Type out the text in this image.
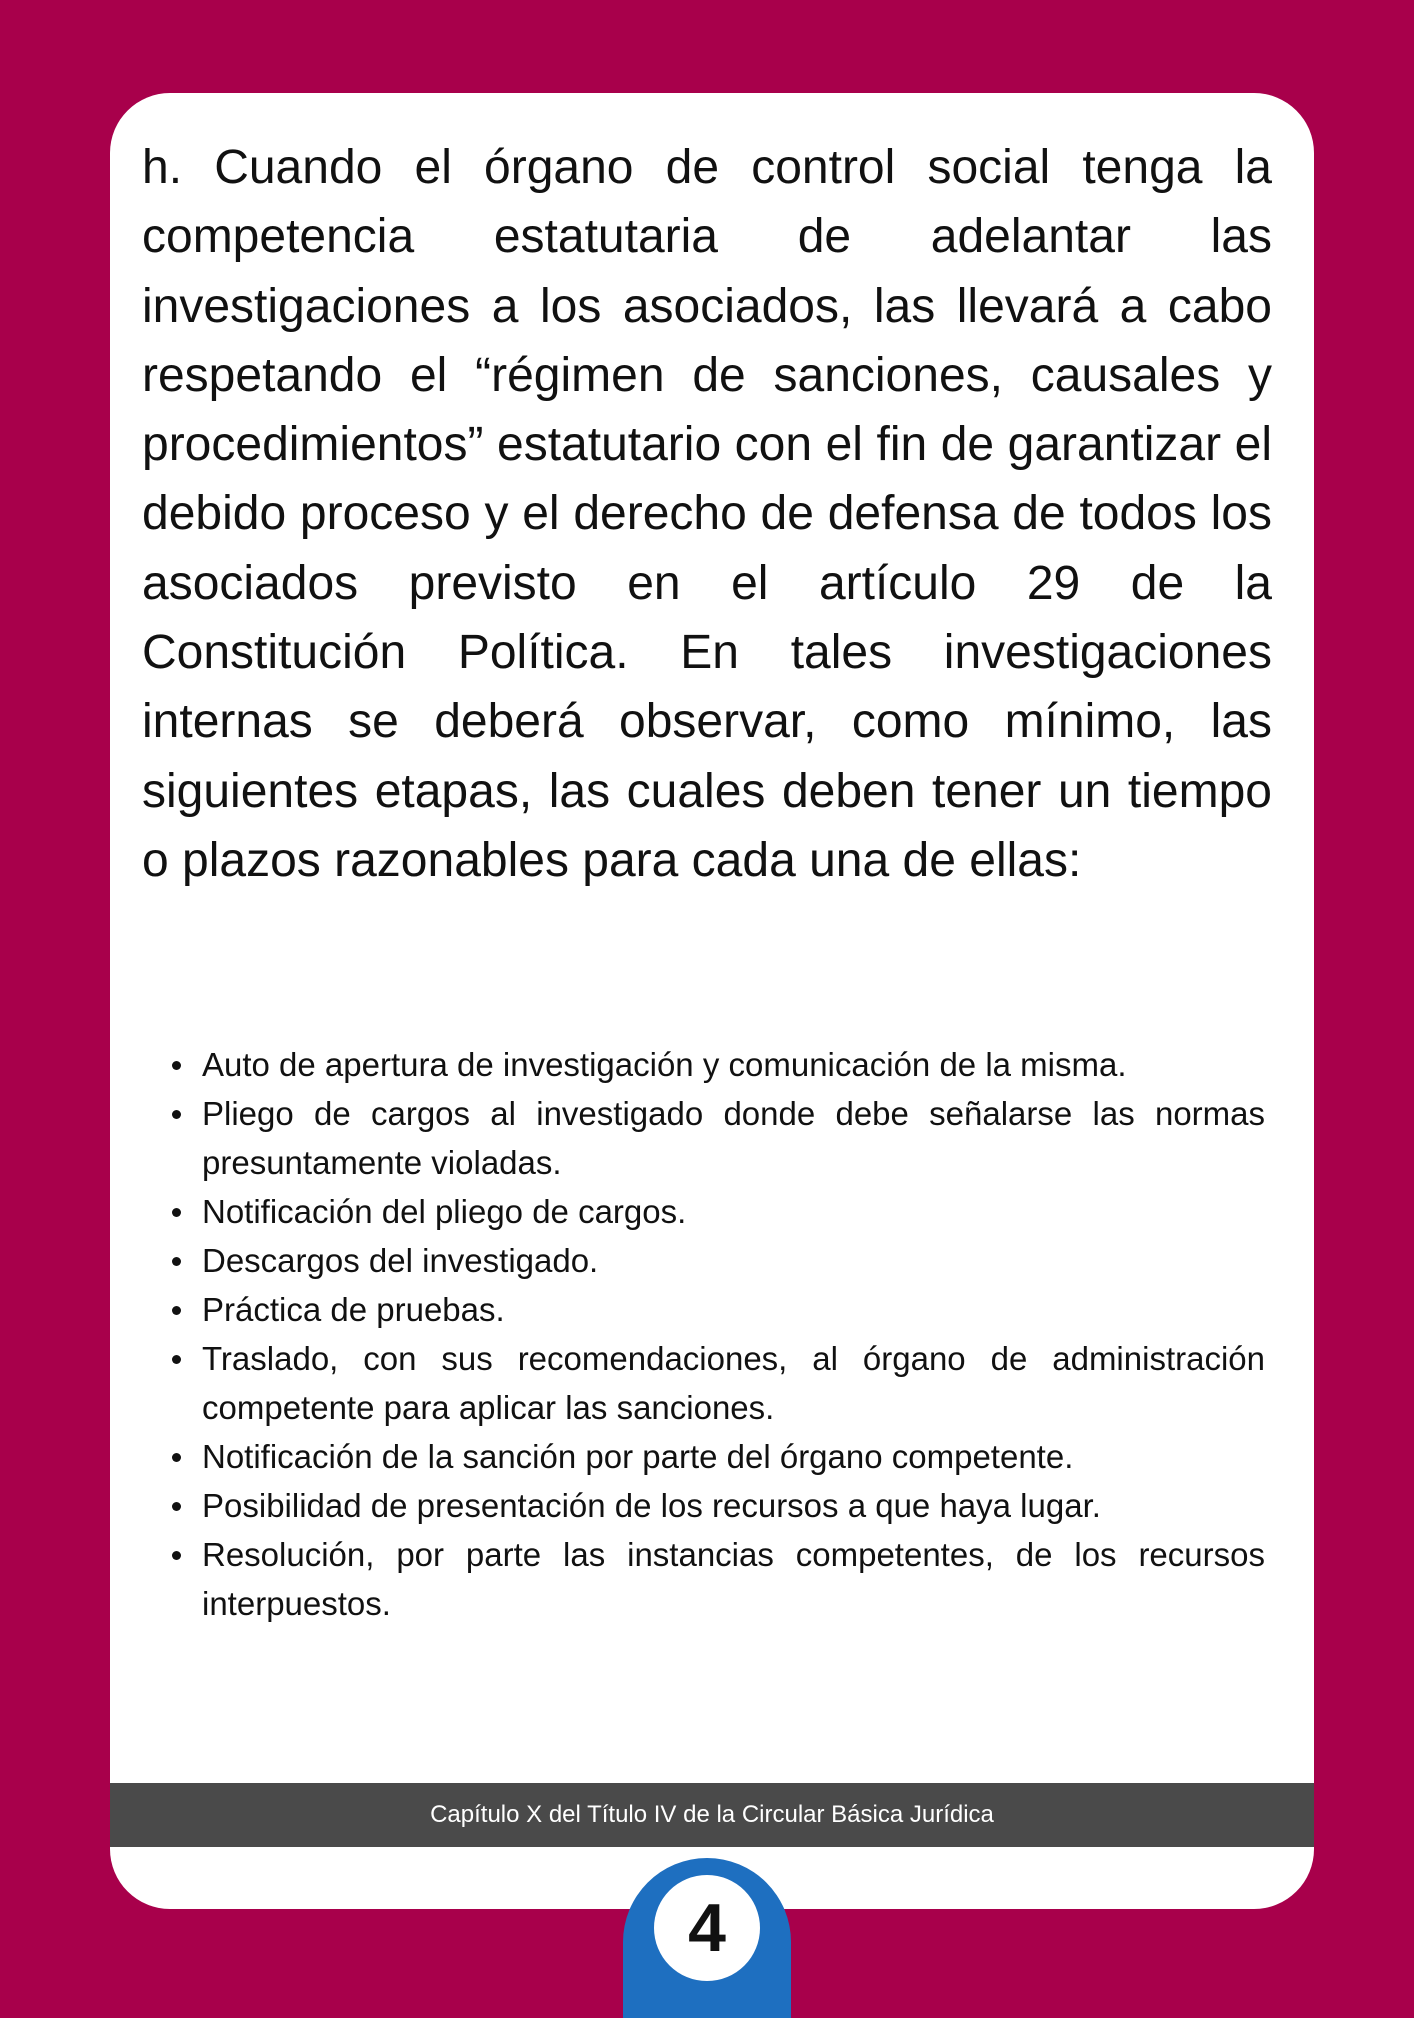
h. Cuando el órgano de control social tenga la competencia estatutaria de adelantar las investigaciones a los asociados, las llevará a cabo respetando el “régimen de sanciones, causales y procedimientos” estatutario con el fin de garantizar el debido proceso y el derecho de defensa de todos los asociados previsto en el artículo 29 de la Constitución Política. En tales investigaciones internas se deberá observar, como mínimo, las siguientes etapas, las cuales deben tener un tiempo o plazos razonables para cada una de ellas:

Auto de apertura de investigación y comunicación de la misma.
Pliego de cargos al investigado donde debe señalarse las normas presuntamente violadas.
Notificación del pliego de cargos.
Descargos del investigado.
Práctica de pruebas.
Traslado, con sus recomendaciones, al órgano de administración competente para aplicar las sanciones.
Notificación de la sanción por parte del órgano competente.
Posibilidad de presentación de los recursos a que haya lugar.
Resolución, por parte las instancias competentes, de los recursos interpuestos.
Capítulo X del Título IV de la Circular Básica Jurídica
4
